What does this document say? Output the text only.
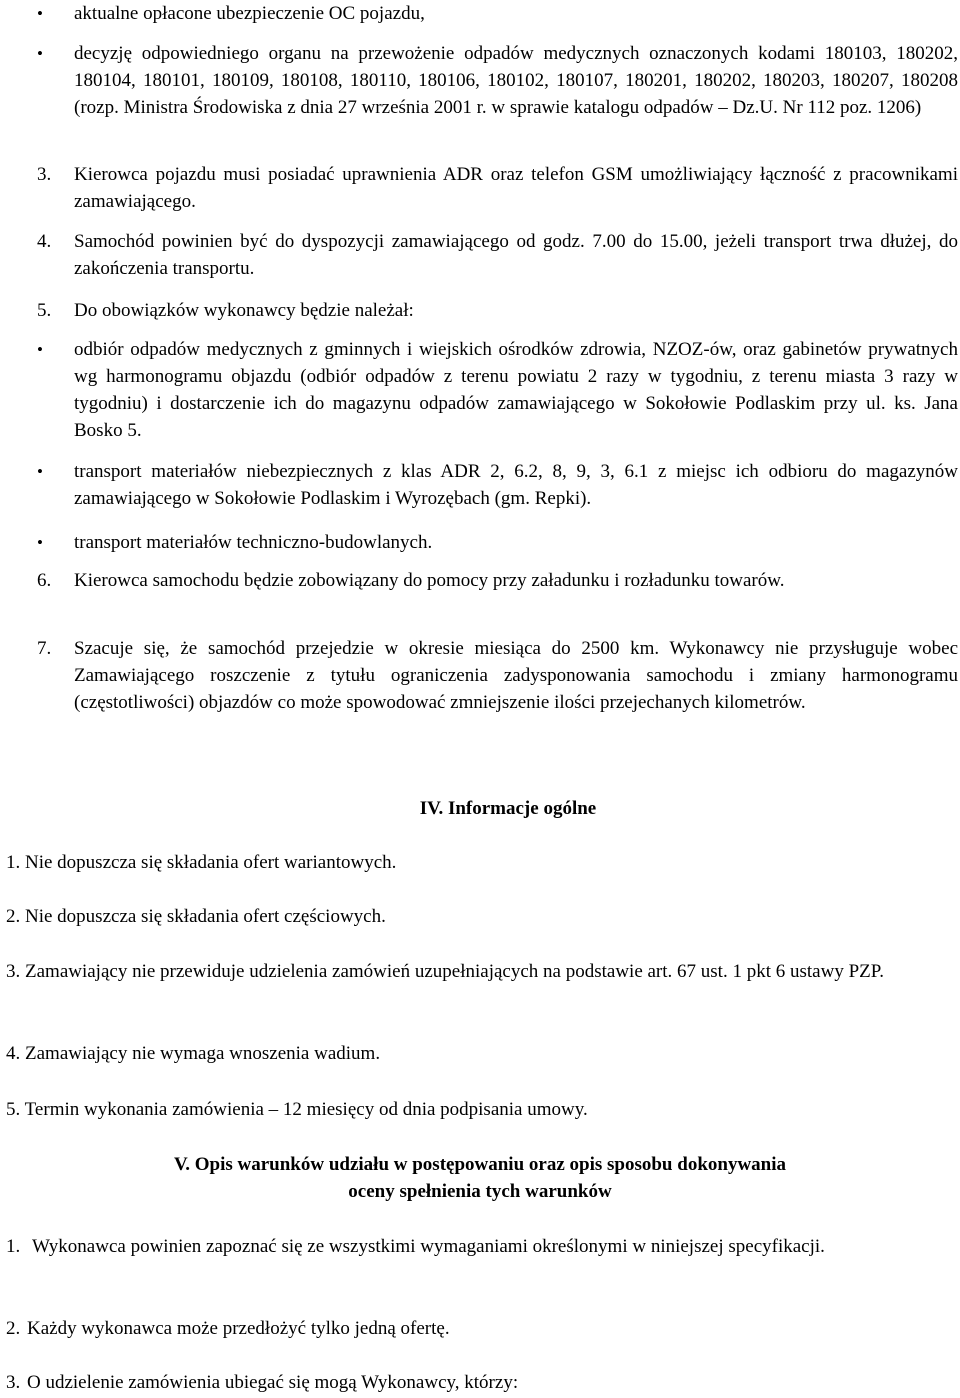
• aktualne opłacone ubezpieczenie OC pojazdu,
• decyzję odpowiedniego organu na przewożenie odpadów medycznych oznaczonych kodami 180103, 180202, 180104, 180101, 180109, 180108, 180110, 180106, 180102, 180107, 180201, 180202, 180203, 180207, 180208 (rozp. Ministra Środowiska z dnia 27 września 2001 r. w sprawie katalogu odpadów – Dz.U. Nr 112 poz. 1206)
3. Kierowca pojazdu musi posiadać uprawnienia ADR oraz telefon GSM umożliwiający łączność z pracownikami zamawiającego.
4. Samochód powinien być do dyspozycji zamawiającego od godz. 7.00 do 15.00, jeżeli transport trwa dłużej, do zakończenia transportu.
5. Do obowiązków wykonawcy będzie należał:
• odbiór odpadów medycznych z gminnych i wiejskich ośrodków zdrowia, NZOZ-ów, oraz gabinetów prywatnych wg harmonogramu objazdu (odbiór odpadów z terenu powiatu 2 razy w tygodniu, z terenu miasta 3 razy w tygodniu) i dostarczenie ich do magazynu odpadów zamawiającego w Sokołowie Podlaskim przy ul. ks. Jana Bosko 5.
• transport materiałów niebezpiecznych z klas ADR 2, 6.2, 8, 9, 3, 6.1 z miejsc ich odbioru do magazynów zamawiającego w Sokołowie Podlaskim i Wyrozębach (gm. Repki).
• transport materiałów techniczno-budowlanych.
6. Kierowca samochodu będzie zobowiązany do pomocy przy załadunku i rozładunku towarów.
7. Szacuje się, że samochód przejedzie w okresie miesiąca do 2500 km. Wykonawcy nie przysługuje wobec Zamawiającego roszczenie z tytułu ograniczenia zadysponowania samochodu i zmiany harmonogramu (częstotliwości) objazdów co może spowodować zmniejszenie ilości przejechanych kilometrów.
IV. Informacje ogólne
1. Nie dopuszcza się składania ofert wariantowych.
2. Nie dopuszcza się składania ofert częściowych.
3. Zamawiający nie przewiduje udzielenia zamówień uzupełniających na podstawie art. 67 ust. 1 pkt 6 ustawy PZP.
4. Zamawiający nie wymaga wnoszenia wadium.
5. Termin wykonania zamówienia – 12 miesięcy od dnia podpisania umowy.
V. Opis warunków udziału w postępowaniu oraz opis sposobu dokonywania
oceny spełnienia tych warunków
1. Wykonawca powinien zapoznać się ze wszystkimi wymaganiami określonymi w niniejszej specyfikacji.
2. Każdy wykonawca może przedłożyć tylko jedną ofertę.
3. O udzielenie zamówienia ubiegać się mogą Wykonawcy, którzy:
